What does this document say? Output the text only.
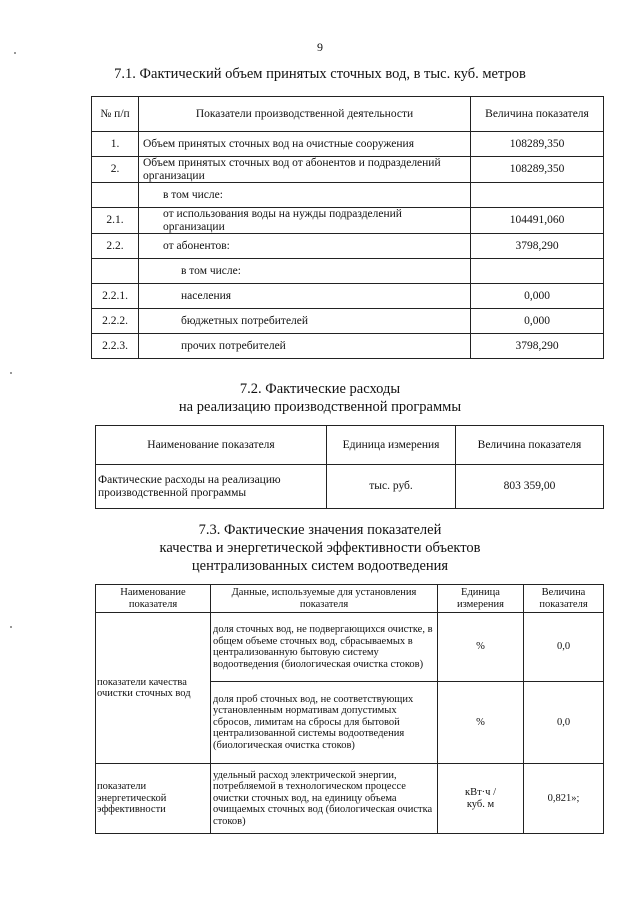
9
7.1. Фактический объем принятых сточных вод, в тыс. куб. метров
№ п/п	Показатели производственной деятельности	Величина показателя
1.	Объем принятых сточных вод на очистные сооружения	108289,350
2.	Объем принятых сточных вод от абонентов и подразделений организации	108289,350
	в том числе:	
2.1.	от использования воды на нужды подразделений организации	104491,060
2.2.	от абонентов:	3798,290
	в том числе:	
2.2.1.	населения	0,000
2.2.2.	бюджетных потребителей	0,000
2.2.3.	прочих потребителей	3798,290
7.2. Фактические расходы
на реализацию производственной программы
Наименование показателя	Единица измерения	Величина показателя
Фактические расходы на реализацию производственной программы	тыс. руб.	803 359,00
7.3. Фактические значения показателей
качества и энергетической эффективности объектов
централизованных систем водоотведения
Наименование показателя	Данные, используемые для установления показателя	Единица измерения	Величина показателя
показатели качества очистки сточных вод	доля сточных вод, не подвергающихся очистке, в общем объеме сточных вод, сбрасываемых в централизованную бытовую систему водоотведения (биологическая очистка стоков)	%	0,0
	доля проб сточных вод, не соответствующих установленным нормативам допустимых сбросов, лимитам на сбросы для бытовой централизованной системы водоотведения (биологическая очистка стоков)	%	0,0
показатели энергетической эффективности	удельный расход электрической энергии, потребляемой в технологическом процессе очистки сточных вод, на единицу объема очищаемых сточных вод (биологическая очистка стоков)	кВт·ч / куб. м	0,821»;
